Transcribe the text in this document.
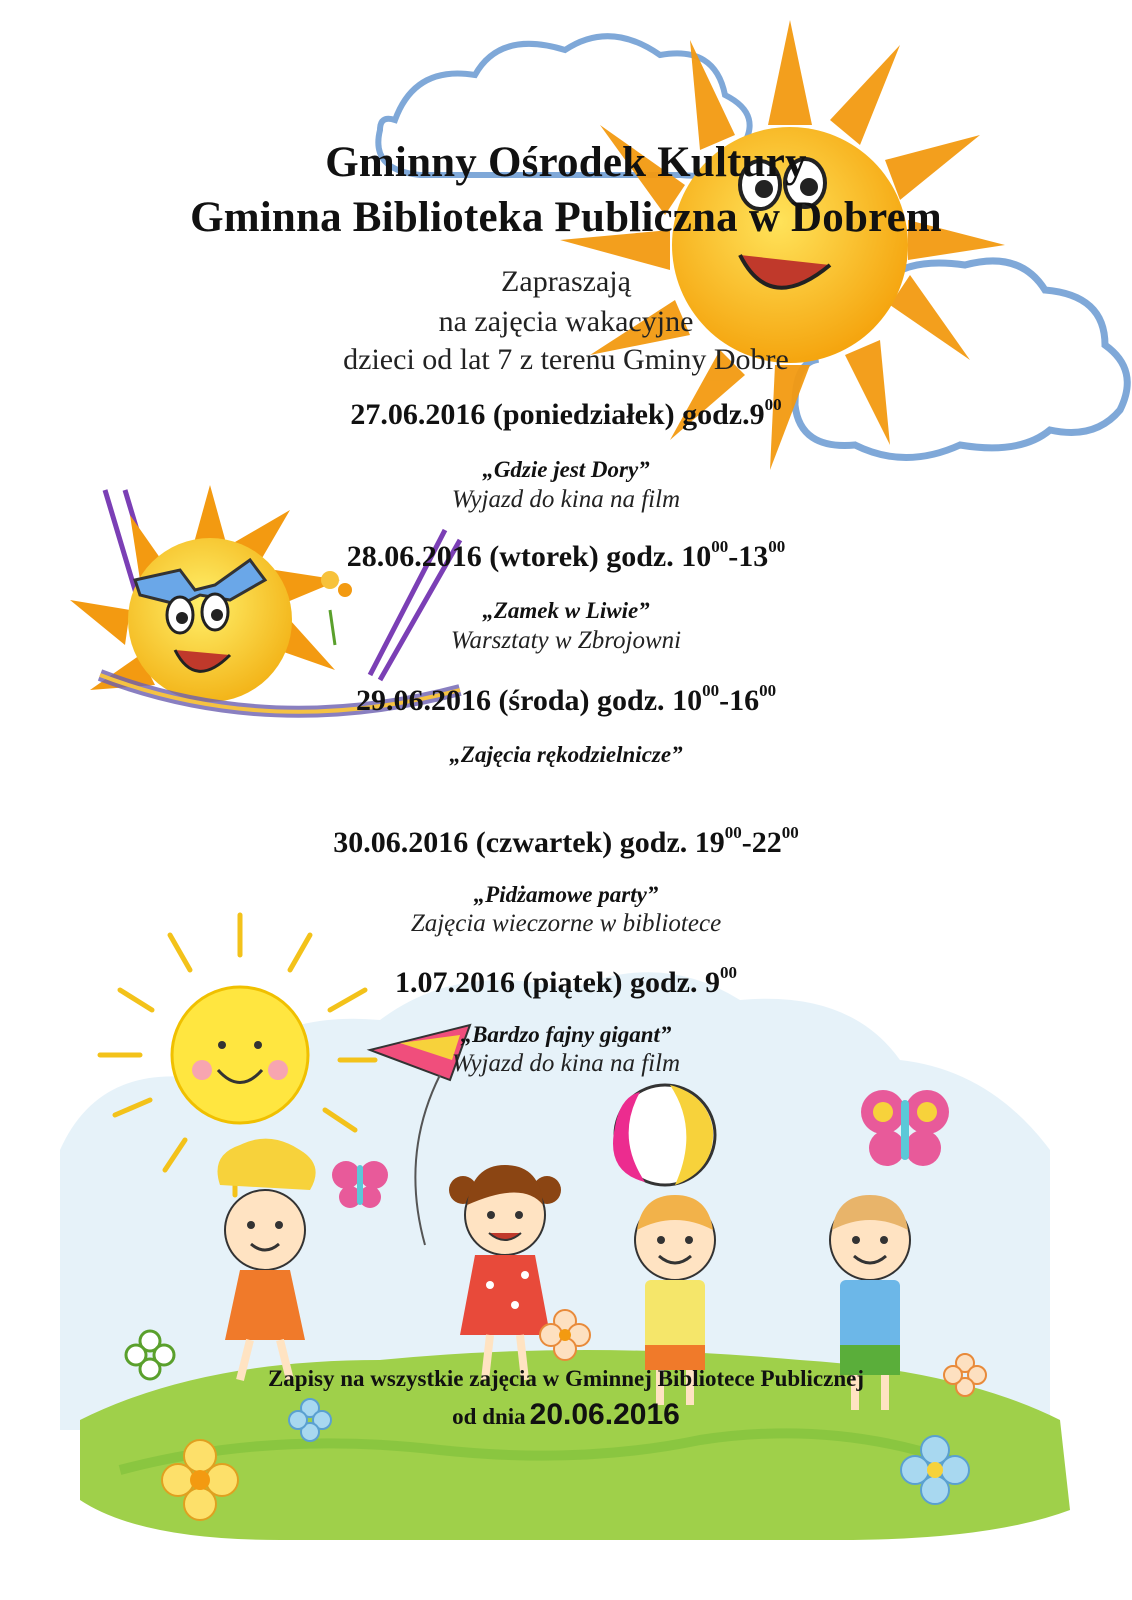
Gminny Ośrodek Kultury
Gminna Biblioteka Publiczna w Dobrem
Zapraszają
na zajęcia wakacyjne
dzieci od lat 7 z terenu Gminy Dobre
27.06.2016 (poniedziałek) $godz.9^{00}$
„Gdzie jest Dory”
Wyjazd do kina na film
28.06.2016 (wtorek) godz. $10^{00}-13^{00}$
„Zamek w Liwie”
Warsztaty w Zbrojowni
29.06.2016 (środa) godz. $10^{00}-16^{00}$
„Zajęcia rękodzielnicze”
30.06.2016 (czwartek) godz. $19^{00}-22^{00}$
„Pidżamowe party”
Zajęcia wieczorne w bibliotece
1.07.2016 (piątek) godz. $9^{00}$
„Bardzo fajny gigant”
Wyjazd do kina na film
Zapisy na wszystkie zajęcia w Gminnej Bibliotece Publicznej
od dnia 20.06.2016
